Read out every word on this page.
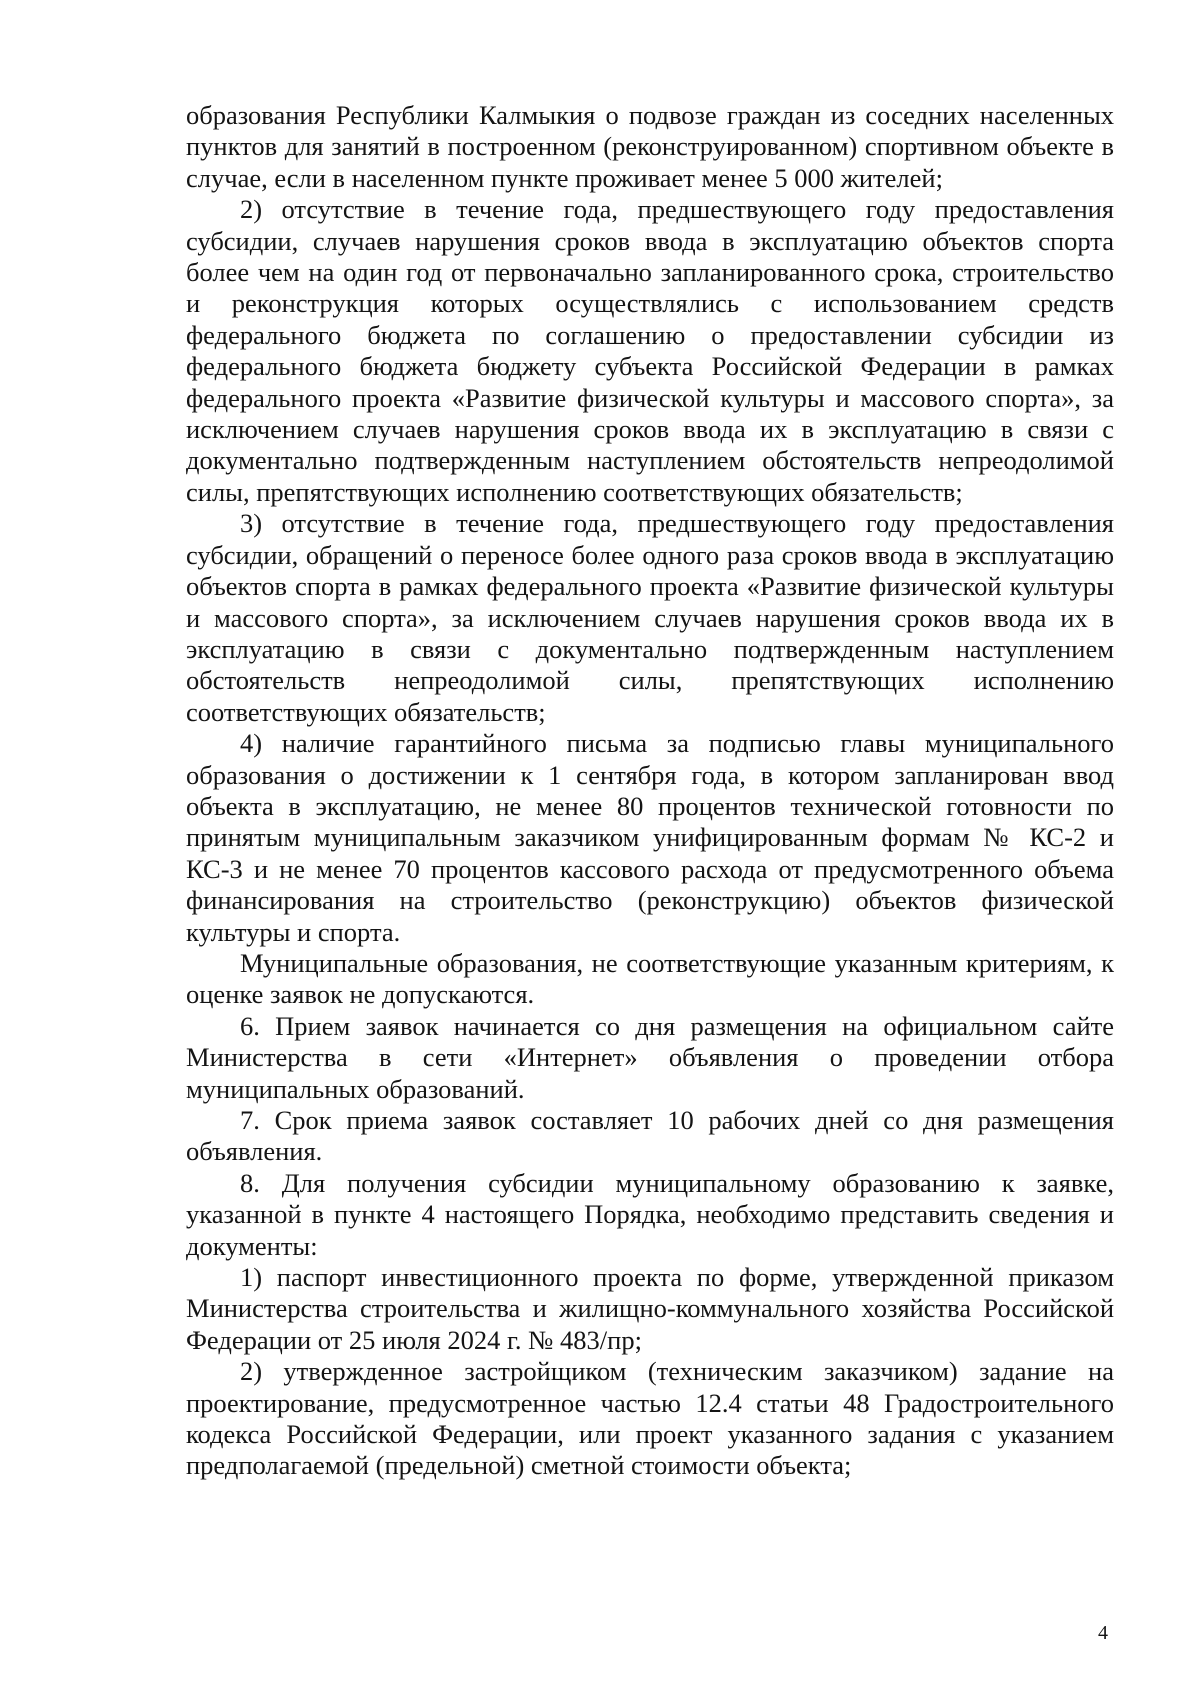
образования Республики Калмыкия о подвозе граждан из соседних населенных пунктов для занятий в построенном (реконструированном) спортивном объекте в случае, если в населенном пункте проживает менее 5 000 жителей;

2) отсутствие в течение года, предшествующего году предоставления субсидии, случаев нарушения сроков ввода в эксплуатацию объектов спорта более чем на один год от первоначально запланированного срока, строительство и реконструкция которых осуществлялись с использованием средств федерального бюджета по соглашению о предоставлении субсидии из федерального бюджета бюджету субъекта Российской Федерации в рамках федерального проекта «Развитие физической культуры и массового спорта», за исключением случаев нарушения сроков ввода их в эксплуатацию в связи с документально подтвержденным наступлением обстоятельств непреодолимой силы, препятствующих исполнению соответствующих обязательств;

3) отсутствие в течение года, предшествующего году предоставления субсидии, обращений о переносе более одного раза сроков ввода в эксплуатацию объектов спорта в рамках федерального проекта «Развитие физической культуры и массового спорта», за исключением случаев нарушения сроков ввода их в эксплуатацию в связи с документально подтвержденным наступлением обстоятельств непреодолимой силы, препятствующих исполнению соответствующих обязательств;

4) наличие гарантийного письма за подписью главы муниципального образования о достижении к 1 сентября года, в котором запланирован ввод объекта в эксплуатацию, не менее 80 процентов технической готовности по принятым муниципальным заказчиком унифицированным формам № КС-2 и КС-3 и не менее 70 процентов кассового расхода от предусмотренного объема финансирования на строительство (реконструкцию) объектов физической культуры и спорта.

Муниципальные образования, не соответствующие указанным критериям, к оценке заявок не допускаются.

6. Прием заявок начинается со дня размещения на официальном сайте Министерства в сети «Интернет» объявления о проведении отбора муниципальных образований.

7. Срок приема заявок составляет 10 рабочих дней со дня размещения объявления.

8. Для получения субсидии муниципальному образованию к заявке, указанной в пункте 4 настоящего Порядка, необходимо представить сведения и документы:

1) паспорт инвестиционного проекта по форме, утвержденной приказом Министерства строительства и жилищно-коммунального хозяйства Российской Федерации от 25 июля 2024 г. № 483/пр;

2) утвержденное застройщиком (техническим заказчиком) задание на проектирование, предусмотренное частью 12.4 статьи 48 Градостроительного кодекса Российской Федерации, или проект указанного задания с указанием предполагаемой (предельной) сметной стоимости объекта;

4
